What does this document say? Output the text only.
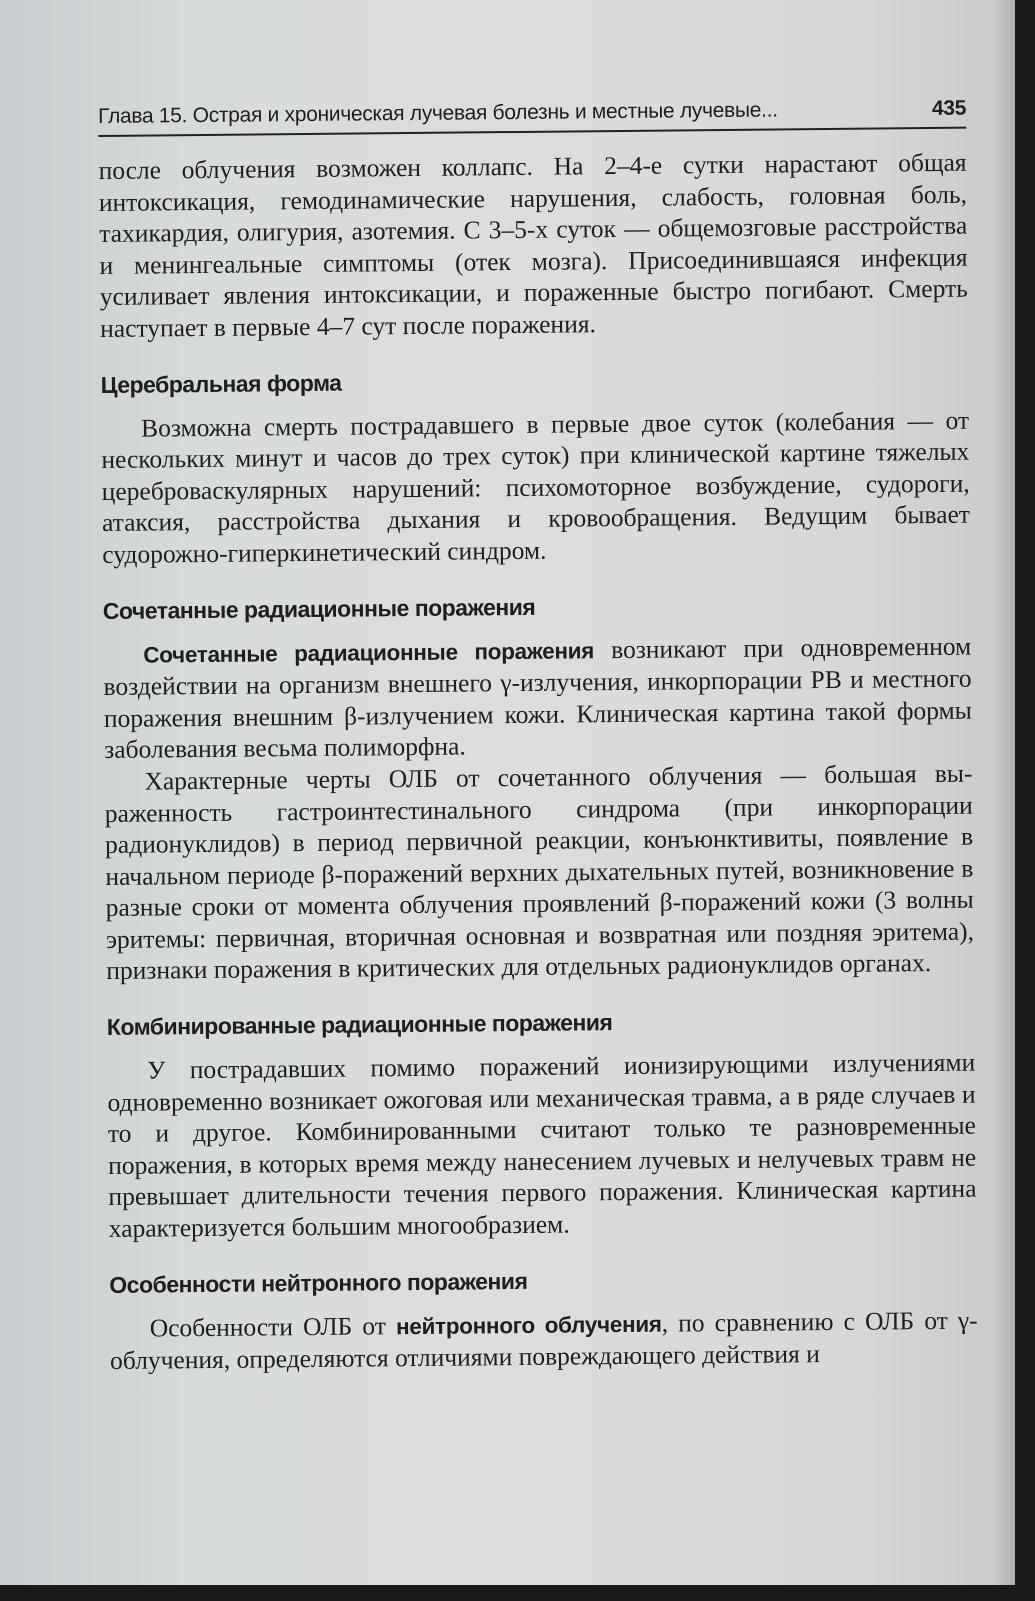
Глава 15. Острая и хроническая лучевая болезнь и местные лучевые...	435

после облучения возможен коллапс. На 2–4-е сутки нарастают общая интоксикация, гемодинамические нарушения, слабость, головная боль, тахикардия, олигурия, азотемия. С 3–5-х суток — общемозговые расстройства и менингеальные симптомы (отек мозга). Присоединившаяся инфекция усиливает явления интоксикации, и пораженные быстро погибают. Смерть наступает в первые 4–7 сут после поражения.

Церебральная форма

Возможна смерть пострадавшего в первые двое суток (колебания — от нескольких минут и часов до трех суток) при клинической картине тяжелых цереброваскулярных нарушений: психомоторное возбуждение, судороги, атаксия, расстройства дыхания и кровообращения. Ведущим бывает судорожно-гиперкинетический синдром.

Сочетанные радиационные поражения

Сочетанные радиационные поражения возникают при одновременном воздействии на организм внешнего γ-излучения, инкорпорации РВ и местного поражения внешним β-излучением кожи. Клиническая картина такой формы заболевания весьма полиморфна.

Характерные черты ОЛБ от сочетанного облучения — большая выраженность гастроинтестинального синдрома (при инкорпорации радионуклидов) в период первичной реакции, конъюнктивиты, появление в начальном периоде β-поражений верхних дыхательных путей, возникновение в разные сроки от момента облучения проявлений β-поражений кожи (3 волны эритемы: первичная, вторичная основная и возвратная или поздняя эритема), признаки поражения в критических для отдельных радионуклидов органах.

Комбинированные радиационные поражения

У пострадавших помимо поражений ионизирующими излучениями одновременно возникает ожоговая или механическая травма, а в ряде случаев и то и другое. Комбинированными считают только те разновременные поражения, в которых время между нанесением лучевых и нелучевых травм не превышает длительности течения первого поражения. Клиническая картина характеризуется большим многообразием.

Особенности нейтронного поражения

Особенности ОЛБ от нейтронного облучения, по сравнению с ОЛБ от γ-облучения, определяются отличиями повреждающего действия и
